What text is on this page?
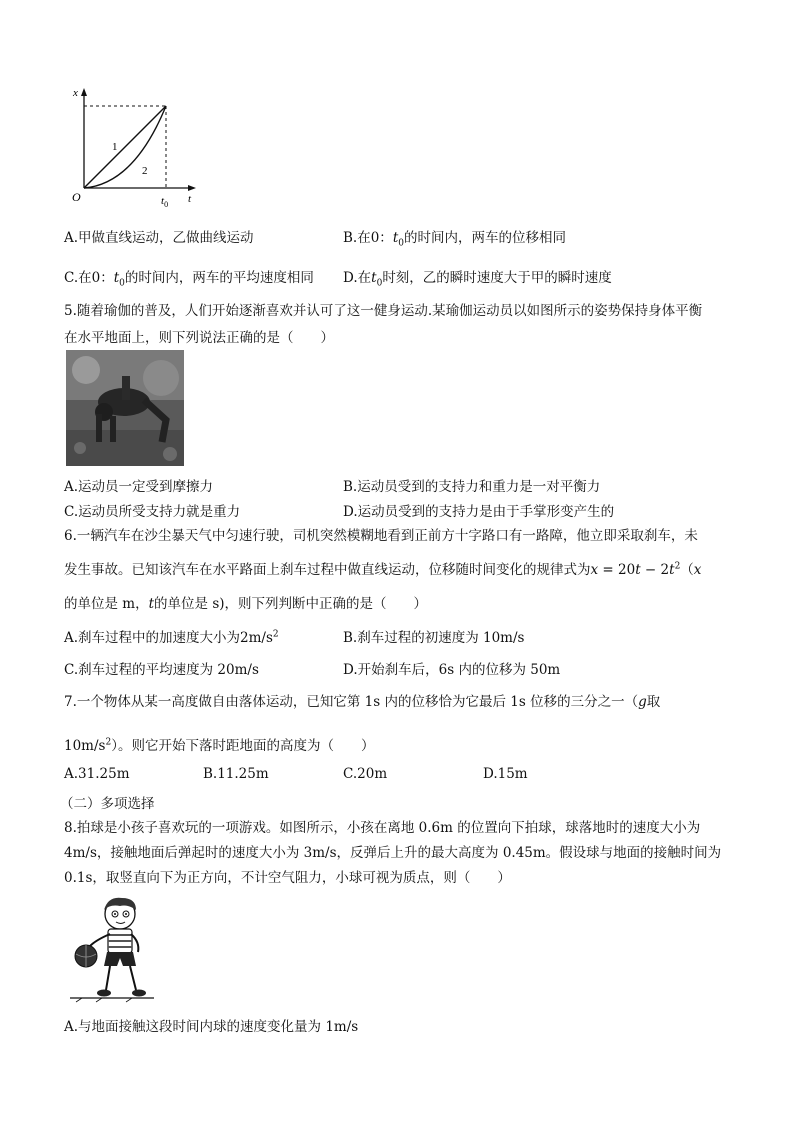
x
t
O	$t_0$
1
2
A.甲做直线运动，乙做曲线运动	B.在0：$t_0$的时间内，两车的位移相同
C.在0：$t_0$的时间内，两车的平均速度相同 D.在$t_0$时刻，乙的瞬时速度大于甲的瞬时速度
5.随着瑜伽的普及，人们开始逐渐喜欢并认可了这一健身运动.某瑜伽运动员以如图所示的姿势保持身体平衡
在水平地面上，则下列说法正确的是（　　）
A.运动员一定受到摩擦力	B.运动员受到的支持力和重力是一对平衡力
C.运动员所受支持力就是重力	D.运动员受到的支持力是由于手掌形变产生的
6.一辆汽车在沙尘暴天气中匀速行驶，司机突然模糊地看到正前方十字路口有一路障，他立即采取刹车，未
发生事故。已知该汽车在水平路面上刹车过程中做直线运动，位移随时间变化的规律式为$x = 20t - 2t^2(x$
的单位是 m，t的单位是 s)，则下列判断中正确的是（　　）
A.刹车过程中的加速度大小为$2m/s^2$	B.刹车过程的初速度为 10m/s
C.刹车过程的平均速度为 20m/s	D.开始刹车后，6s 内的位移为 50m
7.一个物体从某一高度做自由落体运动，已知它第 1s 内的位移恰为它最后 1s 位移的三分之一（g取
$10m/s^2$）。则它开始下落时距地面的高度为（　　）
A.31.25m	B.11.25m	C.20m	D.15m
（二）多项选择
8.拍球是小孩子喜欢玩的一项游戏。如图所示，小孩在离地 0.6m 的位置向下拍球，球落地时的速度大小为
4m/s，接触地面后弹起时的速度大小为 3m/s，反弹后上升的最大高度为 0.45m。假设球与地面的接触时间为
0.1s，取竖直向下为正方向，不计空气阻力，小球可视为质点，则（　　）
A.与地面接触这段时间内球的速度变化量为 1m/s
